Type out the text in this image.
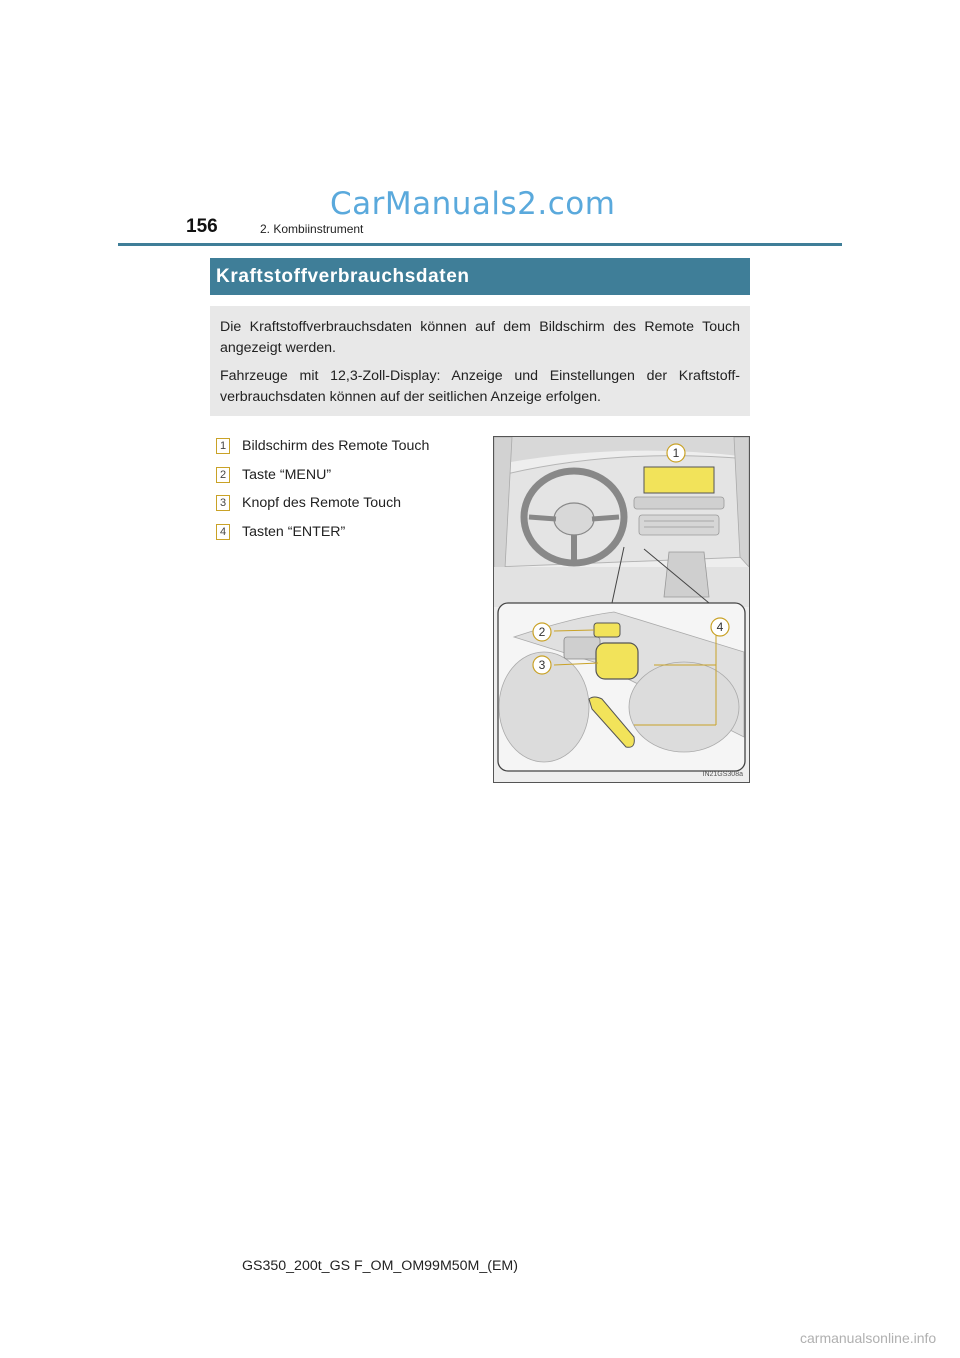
156	2. Kombiinstrument
CarManuals2.com
Kraftstoffverbrauchsdaten

Die Kraftstoffverbrauchsdaten können auf dem Bildschirm des Remote Touch angezeigt werden.

Fahrzeuge mit 12,3-Zoll-Display: Anzeige und Einstellungen der Kraftstoff-verbrauchsdaten können auf der seitlichen Anzeige erfolgen.

1 Bildschirm des Remote Touch
2 Taste “MENU”
3 Knopf des Remote Touch
4 Tasten “ENTER”
1
2
3
4
IN21GS308a
GS350_200t_GS F_OM_OM99M50M_(EM)
carmanualsonline.info
